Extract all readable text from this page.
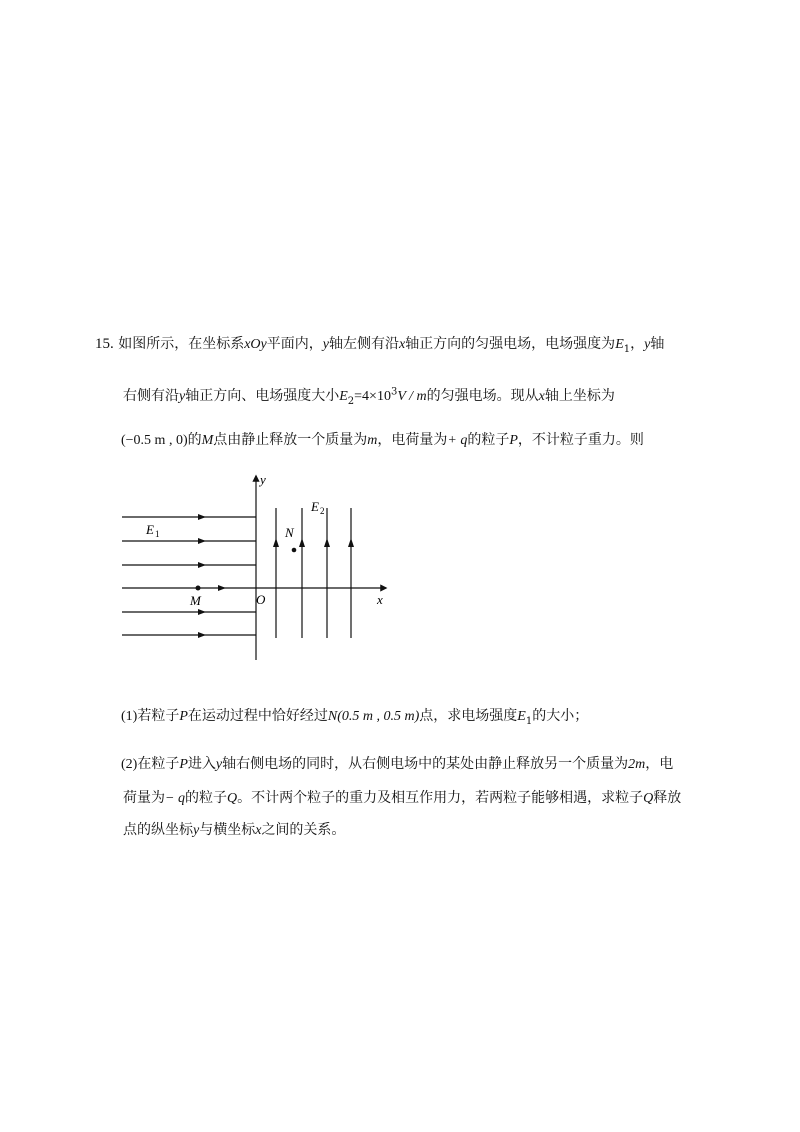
15. 如图所示，在坐标系xOy平面内，y轴左侧有沿x轴正方向的匀强电场，电场强度为$E_1$，y轴
右侧有沿y轴正方向、电场强度大小$E_2=4\times 10^3V / m$的匀强电场。现从x轴上坐标为
(−0.5 m , 0)的M点由静止释放一个质量为m，电荷量为+ q的粒子P，不计粒子重力。则
y
x
O
M
N
E 1
E 2
(1)若粒子P在运动过程中恰好经过N(0.5 m , 0.5 m)点，求电场强度$E_1$的大小；
(2)在粒子P进入y轴右侧电场的同时，从右侧电场中的某处由静止释放另一个质量为2m，电
荷量为− q的粒子Q。不计两个粒子的重力及相互作用力，若两粒子能够相遇，求粒子Q释放
点的纵坐标y与横坐标x之间的关系。
